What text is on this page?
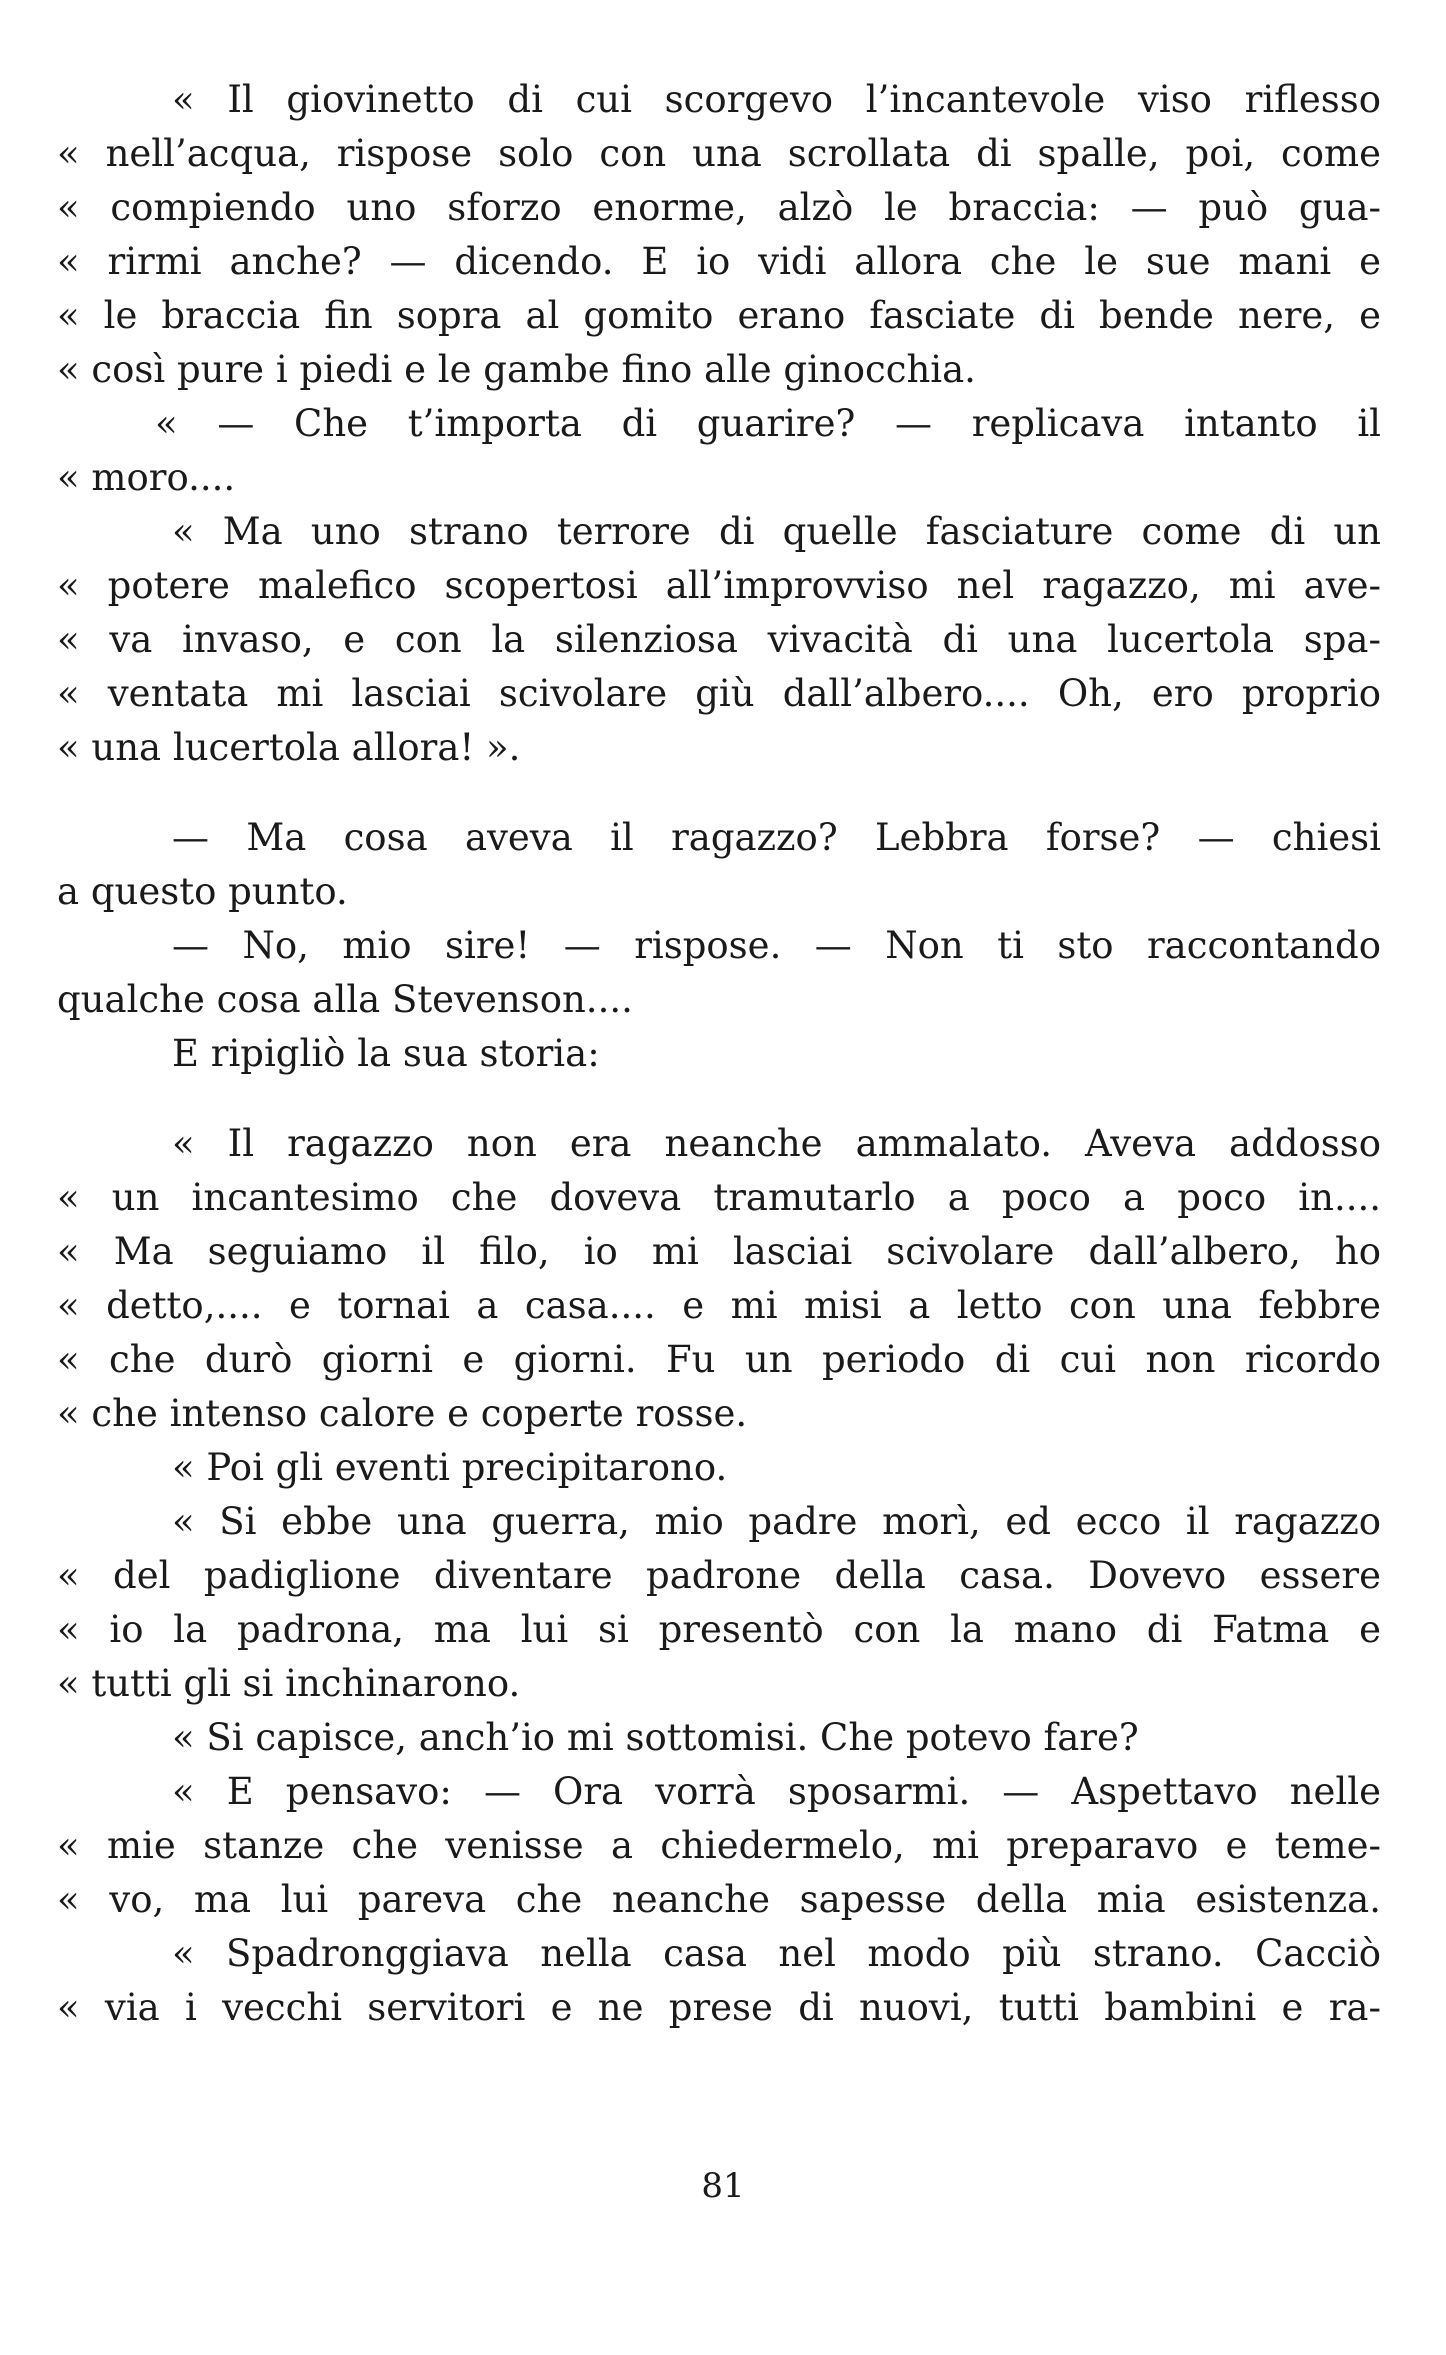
« Il giovinetto di cui scorgevo l’incantevole viso riflesso

« nell’acqua, rispose solo con una scrollata di spalle, poi, come

« compiendo uno sforzo enorme, alzò le braccia: — può gua-

« rirmi anche? — dicendo. E io vidi allora che le sue mani e

« le braccia fin sopra al gomito erano fasciate di bende nere, e

« così pure i piedi e le gambe fino alle ginocchia.

« — Che t’importa di guarire? — replicava intanto il

« moro....

« Ma uno strano terrore di quelle fasciature come di un

« potere malefico scopertosi all’improvviso nel ragazzo, mi ave-

« va invaso, e con la silenziosa vivacità di una lucertola spa-

« ventata mi lasciai scivolare giù dall’albero.... Oh, ero proprio

« una lucertola allora! ».

— Ma cosa aveva il ragazzo? Lebbra forse? — chiesi

a questo punto.

— No, mio sire! — rispose. — Non ti sto raccontando

qualche cosa alla Stevenson....

E ripigliò la sua storia:

« Il ragazzo non era neanche ammalato. Aveva addosso

« un incantesimo che doveva tramutarlo a poco a poco in....

« Ma seguiamo il filo, io mi lasciai scivolare dall’albero, ho

« detto,.... e tornai a casa.... e mi misi a letto con una febbre

« che durò giorni e giorni. Fu un periodo di cui non ricordo

« che intenso calore e coperte rosse.

« Poi gli eventi precipitarono.

« Si ebbe una guerra, mio padre morì, ed ecco il ragazzo

« del padiglione diventare padrone della casa. Dovevo essere

« io la padrona, ma lui si presentò con la mano di Fatma e

« tutti gli si inchinarono.

« Si capisce, anch’io mi sottomisi. Che potevo fare?

« E pensavo: — Ora vorrà sposarmi. — Aspettavo nelle

« mie stanze che venisse a chiedermelo, mi preparavo e teme-

« vo, ma lui pareva che neanche sapesse della mia esistenza.

« Spadronggiava nella casa nel modo più strano. Cacciò

« via i vecchi servitori e ne prese di nuovi, tutti bambini e ra-

81
